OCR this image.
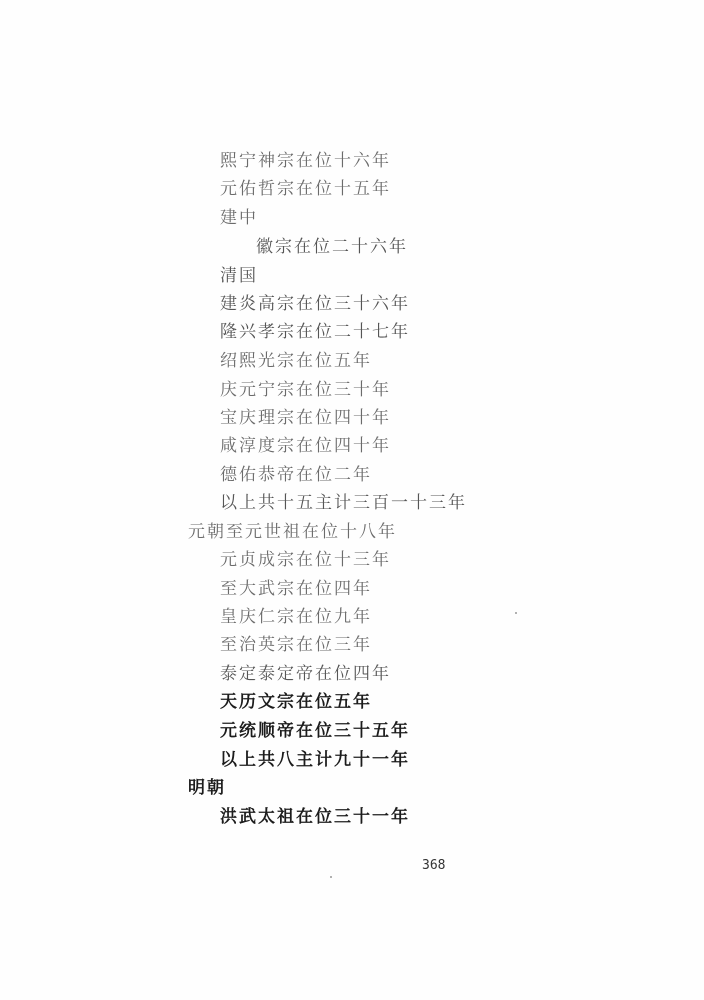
熙宁神宗在位十六年
元佑哲宗在位十五年
建中
徽宗在位二十六年
清国
建炎高宗在位三十六年
隆兴孝宗在位二十七年
绍熙光宗在位五年
庆元宁宗在位三十年
宝庆理宗在位四十年
咸淳度宗在位四十年
德佑恭帝在位二年
以上共十五主计三百一十三年
元朝至元世祖在位十八年
元贞成宗在位十三年
至大武宗在位四年
皇庆仁宗在位九年
至治英宗在位三年
泰定泰定帝在位四年
天历文宗在位五年
元统顺帝在位三十五年
以上共八主计九十一年
明朝
洪武太祖在位三十一年
368
